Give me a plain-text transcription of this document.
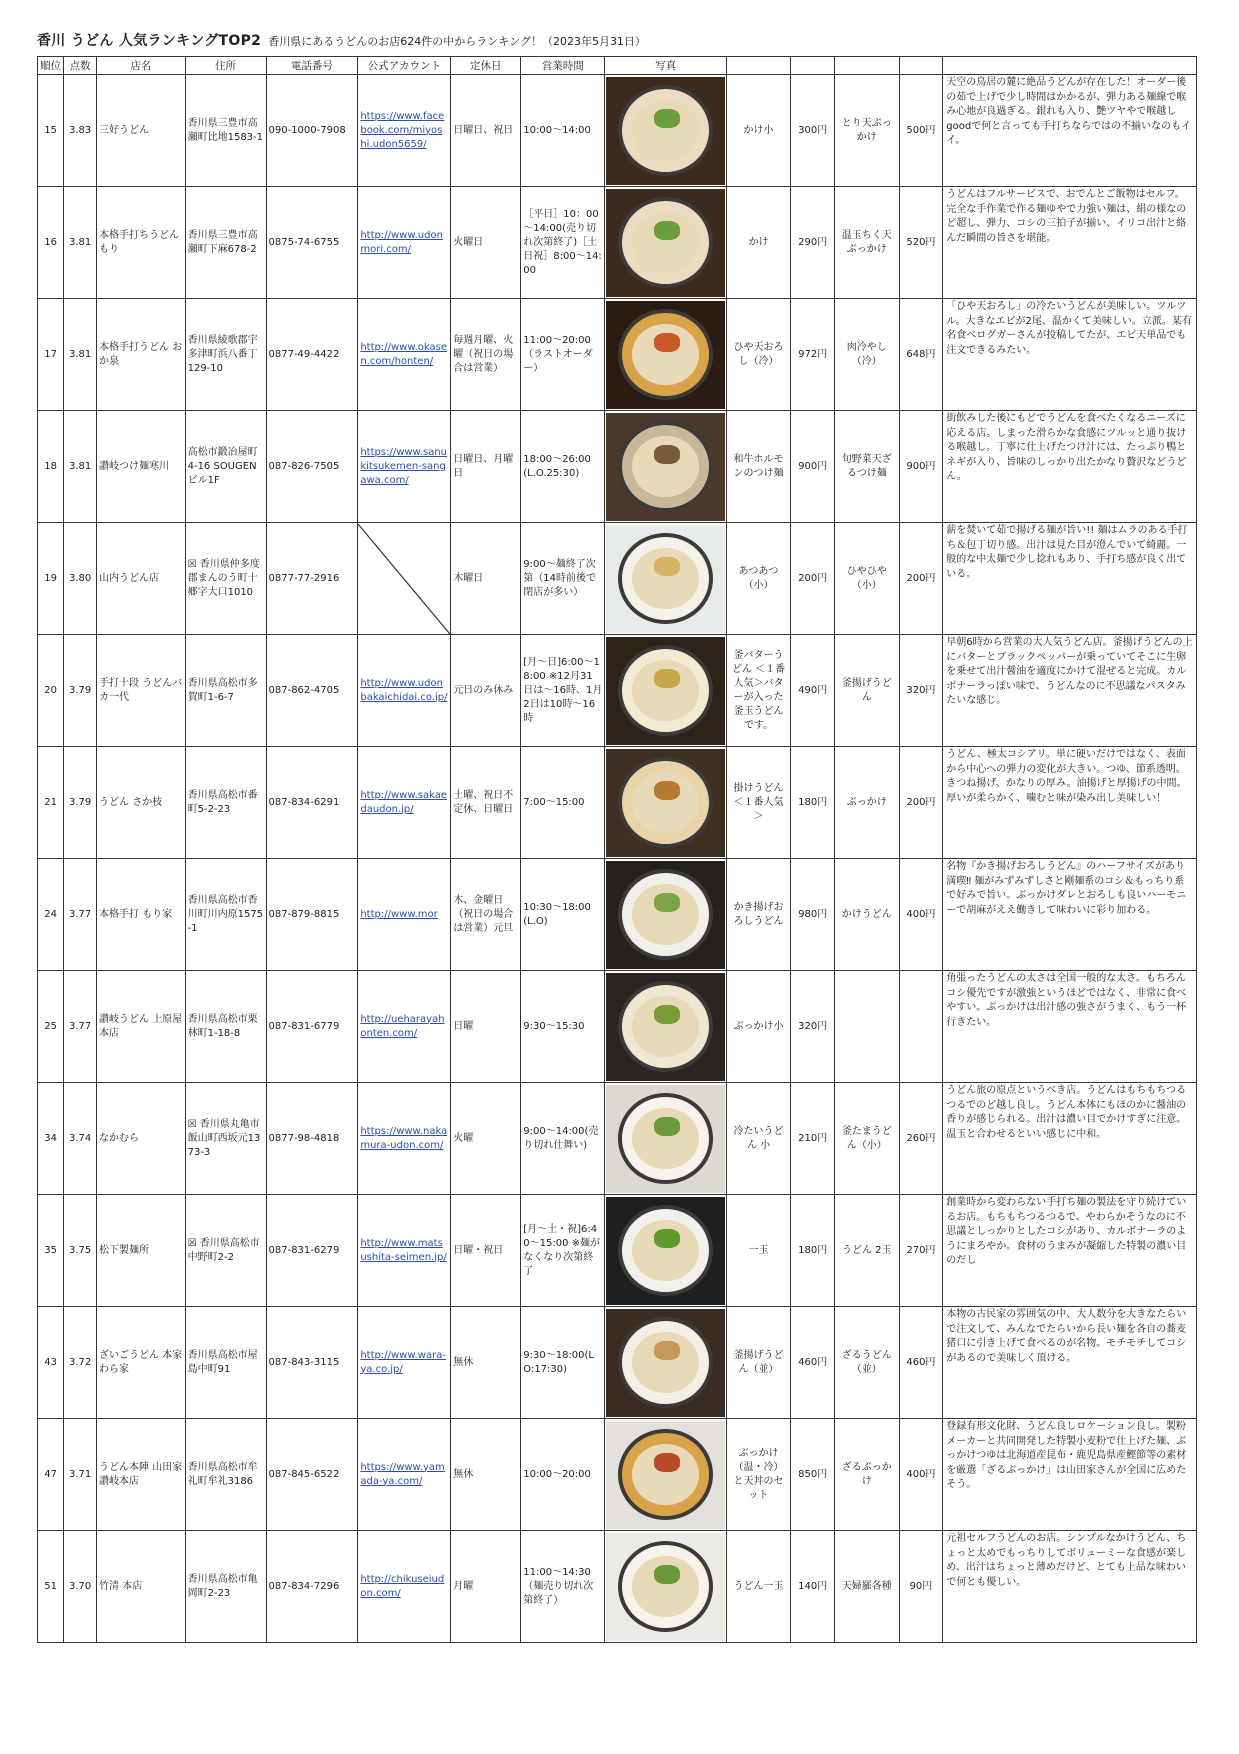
香川 うどん 人気ランキングTOP2 香川県にあるうどんのお店624件の中からランキング！（2023年5月31日）
順位	点数	店名	住所	電話番号	公式アカウント	定休日	営業時間	写真					

15	3.83	三好うどん	香川県三豊市高瀬町比地1583-1	090-1000-7908	https://www.facebook.com/miyoshi.udon5659/	日曜日、祝日	10:00～14:00		かけ小	300円	とり天ぶっかけ	500円	天空の鳥居の麓に絶品うどんが存在した！オーダー後の茹で上げで少し時間はかかるが、弾力ある麺線で喉み心地が良過ぎる。銀れも入り、艶ツヤやで喉越しgoodで何と言っても手打ちならではの不揃いなのもイイ。

16	3.81	本格手打ちうどん もり	香川県三豊市高瀬町下麻678-2	0875-74-6755	http://www.udonmori.com/	火曜日	［平日］10：00～14:00(売り切れ次第終了)［土日祝］8:00～14:00		かけ	290円	温玉ちく天ぶっかけ	520円	うどんはフルサービスで、おでんとご飯物はセルフ。完全な手作業で作る麺ゆやで力強い麺は、絹の様なのど超し、弾力、コシの三拍子が揃い、イリコ出汁と絡んだ瞬間の旨さを堪能。

17	3.81	本格手打うどん おか泉	香川県綾歌郡宇多津町浜八番丁129-10	0877-49-4422	http://www.okasen.com/honten/	毎週月曜、火曜（祝日の場合は営業）	11:00～20:00（ラストオーダー）		ひや天おろし（冷）	972円	肉冷やし（冷）	648円	「ひや天おろし」の冷たいうどんが美味しい。ツルツル。大きなエビが2尾、温かくて美味しい。立派。某有名食べログガーさんが投稿してたが、エビ天単品でも注文できるみたい。

18	3.81	讃岐つけ麺寒川	高松市鍛冶屋町4-16 SOUGENビル1F	087-826-7505	https://www.sanukitsukemen-sangawa.com/	日曜日、月曜日	18:00～26:00(L.O.25:30)		和牛ホルモンのつけ麺	900円	旬野菜天ざるつけ麺	900円	街飲みした後にもどでうどんを食べたくなるニーズに応える店。しまった滑らかな食感にツルッと通り抜ける喉越し。丁寧に仕上げたつけ汁には、たっぷり鴨とネギが入り、旨味のしっかり出たかなり贅沢などうどん。

19	3.80	山内うどん店	☒ 香川県仲多度郡まんのう町十郷字大口1010	0877-77-2916		木曜日	9:00～麺終了次第（14時前後で閉店が多い）		あつあつ（小）	200円	ひやひや（小）	200円	薪を焚いて茹で揚げる麺が旨い!! 麺はムラのある手打ち＆包丁切り感。出汁は見た目が澄んでいて綺麗。一般的な中太麺で少し捻れもあり、手打ち感が良く出ている。

20	3.79	手打十段 うどんバカ一代	香川県高松市多賀町1-6-7	087-862-4705	http://www.udonbakaichidai.co.jp/	元日のみ休み	[月～日]6:00～18:00 ※12月31日は～16時、1月2日は10時～16時		釜バターうどん ＜１番人気＞バターが入った釜玉うどんです。	490円	釜揚げうどん	320円	早朝6時から営業の大人気うどん店。釜揚げうどんの上にバターとブラックペッパーが乗っていてそこに生卵を乗せて出汁醤油を適度にかけて混ぜると完成。カルボナーラっぽい味で、うどんなのに不思議なパスタみたいな感じ。

21	3.79	うどん さか枝	香川県高松市番町5-2-23	087-834-6291	http://www.sakaedaudon.jp/	土曜、祝日不定休、日曜日	7:00～15:00		掛けうどん ＜１番人気＞	180円	ぶっかけ	200円	うどん、極太コシアリ。単に硬いだけではなく、表面から中心への弾力の変化が大きい。つゆ、節系透明。きつね揚げ、かなりの厚み。油揚げと厚揚げの中間。厚いが柔らかく、噛むと味が染み出し美味しい！

24	3.77	本格手打 もり家	香川県高松市香川町川内原1575-1	087-879-8815	http://www.mor	木、金曜日（祝日の場合は営業）元旦	10:30～18:00(L.O)		かき揚げおろしうどん	980円	かけうどん	400円	名物『かき揚げおろしうどん』のハーフサイズがあり満喫‼ 麺がみずみずしさと剛麺系のコシ＆もっちり系で好みで旨い。ぶっかけダレとおろしも良いハーモニーで胡麻がええ働きして味わいに彩り加わる。

25	3.77	讃岐うどん 上原屋本店	香川県高松市栗林町1-18-8	087-831-6779	http://ueharayahonten.com/	日曜	9:30～15:30		ぶっかけ小	320円			角張ったうどんの太さは全国一般的な太さ。もちろんコシ優先ですが激強というほどではなく、非常に食べやすい。ぶっかけは出汁感の強さがうまく、もう一杯行きたい。

34	3.74	なかむら	☒ 香川県丸亀市飯山町西坂元1373-3	0877-98-4818	https://www.nakamura-udon.com/	火曜	9:00～14:00(売り切れ仕舞い)		冷たいうどん 小	210円	釜たまうどん（小）	260円	うどん旅の原点というべき店。うどんはもちもちつるつるでのど越し良し。うどん本体にもほのかに醤油の香りが感じられる。出汁は濃い目でかけすぎに注意。温玉と合わせるといい感じに中和。

35	3.75	松下製麺所	☒ 香川県高松市中野町2-2	087-831-6279	http://www.matsushita-seimen.jp/	日曜・祝日	[月～土・祝]6:40～15:00 ※麺がなくなり次第終了		一玉	180円	うどん 2玉	270円	創業時から変わらない手打ち麺の製法を守り続けているお店。もちもちつるつるで、やわらかそうなのに不思議としっかりとしたコシがあり、カルボナーラのようにまろやか。食材のうまみが凝縮した特製の濃い目のだし

43	3.72	ざいごうどん 本家 わら家	香川県高松市屋島中町91	087-843-3115	http://www.wara-ya.co.jp/	無休	9:30～18:00(LO:17:30)		釜揚げうどん（並）	460円	ざるうどん（並）	460円	本物の古民家の雰囲気の中、大人数分を大きなたらいで注文して、みんなでたらいから長い麺を各自の蕎麦猪口に引き上げて食べるのが名物。モチモチしてコシがあるので美味しく頂ける。

47	3.71	うどん本陣 山田家 讃岐本店	香川県高松市牟礼町牟礼3186	087-845-6522	https://www.yamada-ya.com/	無休	10:00～20:00		ぶっかけ（温・冷）と天丼のセット	850円	ざるぶっかけ	400円	登録有形文化財、うどん良しロケーション良し。製粉メーカーと共同開発した特製小麦粉で仕上げた麺、ぶっかけつゆは北海道産昆布・鹿児島県産鰹節等の素材を厳選「ざるぶっかけ」は山田家さんが全国に広めたそう。

51	3.70	竹清 本店	香川県高松市亀岡町2-23	087-834-7296	http://chikuseiudon.com/	月曜	11:00～14:30（麺売り切れ次第終了）		うどん一玉	140円	天婦羅各種	90円	元祖セルフうどんのお店。シンプルなかけうどん、ちょっと太めでもっちりしてボリューミーな食感が楽しめ、出汁はちょっと薄めだけど、とても上品な味わいで何とも優しい。
